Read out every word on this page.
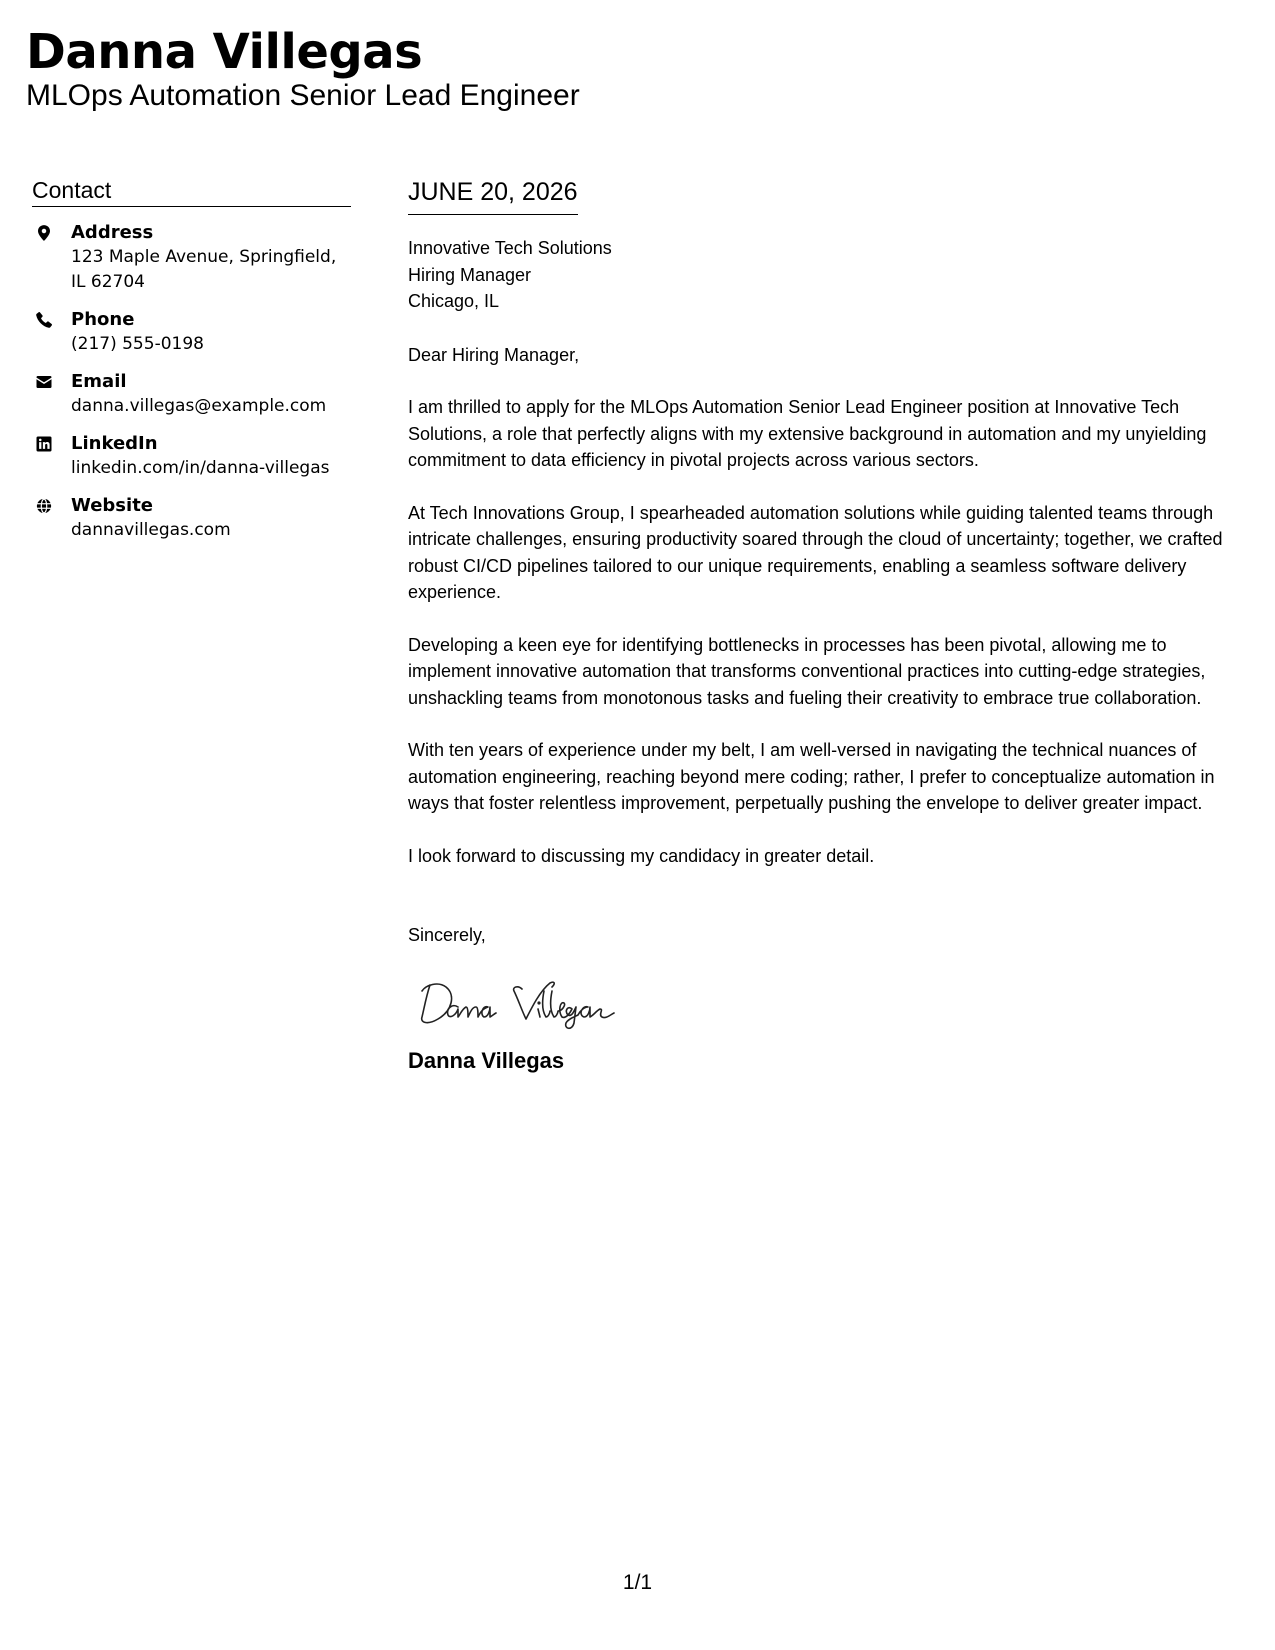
Danna Villegas
MLOps Automation Senior Lead Engineer
Contact
Address
123 Maple Avenue, Springfield, IL 62704
Phone
(217) 555-0198
Email
danna.villegas@example.com
LinkedIn
linkedin.com/in/danna-villegas
Website
dannavillegas.com
JUNE 20, 2026
Innovative Tech Solutions
Hiring Manager
Chicago, IL
Dear Hiring Manager,
I am thrilled to apply for the MLOps Automation Senior Lead Engineer position at Innovative Tech Solutions, a role that perfectly aligns with my extensive background in automation and my unyielding commitment to data efficiency in pivotal projects across various sectors.
At Tech Innovations Group, I spearheaded automation solutions while guiding talented teams through intricate challenges, ensuring productivity soared through the cloud of uncertainty; together, we crafted robust CI/CD pipelines tailored to our unique requirements, enabling a seamless software delivery experience.
Developing a keen eye for identifying bottlenecks in processes has been pivotal, allowing me to implement innovative automation that transforms conventional practices into cutting-edge strategies, unshackling teams from monotonous tasks and fueling their creativity to embrace true collaboration.
With ten years of experience under my belt, I am well-versed in navigating the technical nuances of automation engineering, reaching beyond mere coding; rather, I prefer to conceptualize automation in ways that foster relentless improvement, perpetually pushing the envelope to deliver greater impact.
I look forward to discussing my candidacy in greater detail.
Sincerely,
Danna Villegas
1/1
